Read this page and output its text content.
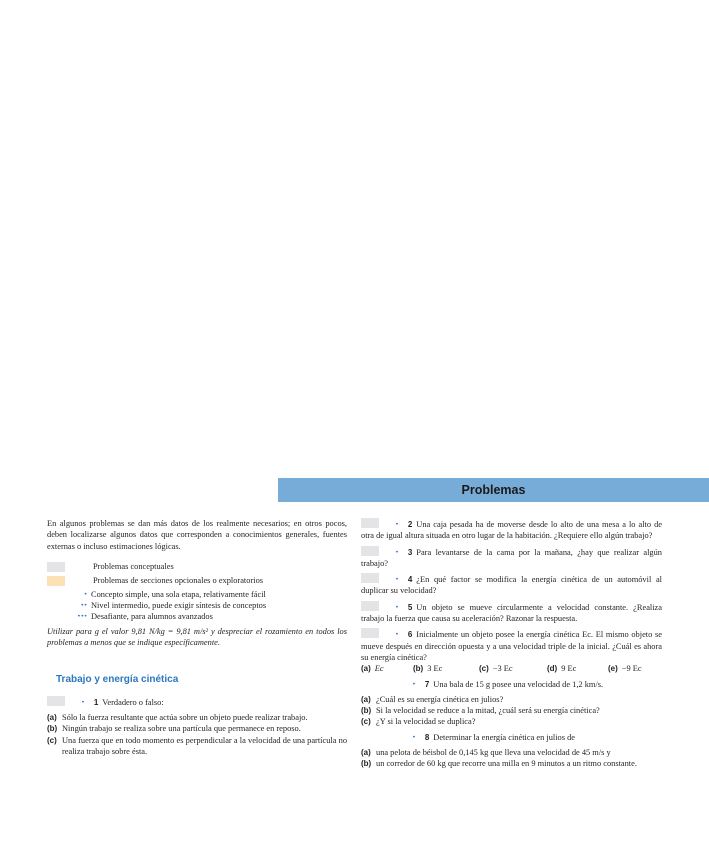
Problemas

En algunos problemas se dan más datos de los realmente necesarios; en otros pocos, deben localizarse algunos datos que corresponden a conocimientos generales, fuentes externas o incluso estimaciones lógicas.

Problemas conceptuales
Problemas de secciones opcionales o exploratorios
• Concepto simple, una sola etapa, relativamente fácil
•• Nivel intermedio, puede exigir síntesis de conceptos
••• Desafiante, para alumnos avanzados

Utilizar para g el valor 9,81 N/kg = 9,81 m/s² y despreciar el rozamiento en todos los problemas a menos que se indique específicamente.

Trabajo y energía cinética

• 1 Verdadero o falso:

(a) Sólo la fuerza resultante que actúa sobre un objeto puede realizar trabajo.

(b) Ningún trabajo se realiza sobre una partícula que permanece en reposo.

(c) Una fuerza que en todo momento es perpendicular a la velocidad de una partícula no realiza trabajo sobre ésta.

• 2 Una caja pesada ha de moverse desde lo alto de una mesa a lo alto de otra de igual altura situada en otro lugar de la habitación. ¿Requiere ello algún trabajo?

• 3 Para levantarse de la cama por la mañana, ¿hay que realizar algún trabajo?

• 4 ¿En qué factor se modifica la energía cinética de un automóvil al duplicar su velocidad?

• 5 Un objeto se mueve circularmente a velocidad constante. ¿Realiza trabajo la fuerza que causa su aceleración? Razonar la respuesta.

• 6 Inicialmente un objeto posee la energía cinética Ec. El mismo objeto se mueve después en dirección opuesta y a una velocidad triple de la inicial. ¿Cuál es ahora su energía cinética?

(a) Ec	(b) 3 Ec	(c) −3 Ec	(d) 9 Ec	(e) −9 Ec

• 7 Una bala de 15 g posee una velocidad de 1,2 km/s.

(a) ¿Cuál es su energía cinética en julios?

(b) Si la velocidad se reduce a la mitad, ¿cuál será su energía cinética?

(c) ¿Y si la velocidad se duplica?

• 8 Determinar la energía cinética en julios de

(a) una pelota de béisbol de 0,145 kg que lleva una velocidad de 45 m/s y

(b) un corredor de 60 kg que recorre una milla en 9 minutos a un ritmo constante.
